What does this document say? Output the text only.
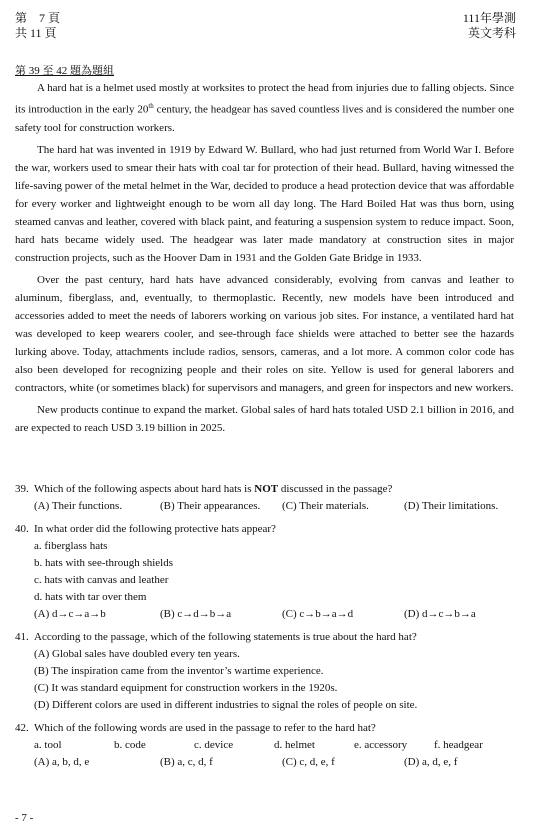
第　7 頁
共 11 頁
111年學測
英文考科
第 39 至 42 題為題組

A hard hat is a helmet used mostly at worksites to protect the head from injuries due to falling objects. Since its introduction in the early 20th century, the headgear has saved countless lives and is considered the number one safety tool for construction workers.

The hard hat was invented in 1919 by Edward W. Bullard, who had just returned from World War I. Before the war, workers used to smear their hats with coal tar for protection of their head. Bullard, having witnessed the life-saving power of the metal helmet in the War, decided to produce a head protection device that was affordable for every worker and lightweight enough to be worn all day long. The Hard Boiled Hat was thus born, using steamed canvas and leather, covered with black paint, and featuring a suspension system to reduce impact. Soon, hard hats became widely used. The headgear was later made mandatory at construction sites in major construction projects, such as the Hoover Dam in 1931 and the Golden Gate Bridge in 1933.

Over the past century, hard hats have advanced considerably, evolving from canvas and leather to aluminum, fiberglass, and, eventually, to thermoplastic. Recently, new models have been introduced and accessories added to meet the needs of laborers working on various job sites. For instance, a ventilated hard hat was developed to keep wearers cooler, and see-through face shields were attached to better see the hazards lurking above. Today, attachments include radios, sensors, cameras, and a lot more. A common color code has also been developed for recognizing people and their roles on site. Yellow is used for general laborers and contractors, white (or sometimes black) for supervisors and managers, and green for inspectors and new workers.

New products continue to expand the market. Global sales of hard hats totaled USD 2.1 billion in 2016, and are expected to reach USD 3.19 billion in 2025.

39. Which of the following aspects about hard hats is NOT discussed in the passage?
(A) Their functions.	(B) Their appearances.	(C) Their materials.	(D) Their limitations.
40. In what order did the following protective hats appear?
a. fiberglass hats
b. hats with see-through shields
c. hats with canvas and leather
d. hats with tar over them
(A) d→c→a→b	(B) c→d→b→a	(C) c→b→a→d	(D) d→c→b→a
41. According to the passage, which of the following statements is true about the hard hat?
(A) Global sales have doubled every ten years.
(B) The inspiration came from the inventor’s wartime experience.
(C) It was standard equipment for construction workers in the 1920s.
(D) Different colors are used in different industries to signal the roles of people on site.
42. Which of the following words are used in the passage to refer to the hard hat?
a. tool	b. code	c. device	d. helmet	e. accessory	f. headgear
(A) a, b, d, e	(B) a, c, d, f	(C) c, d, e, f	(D) a, d, e, f
- 7 -
